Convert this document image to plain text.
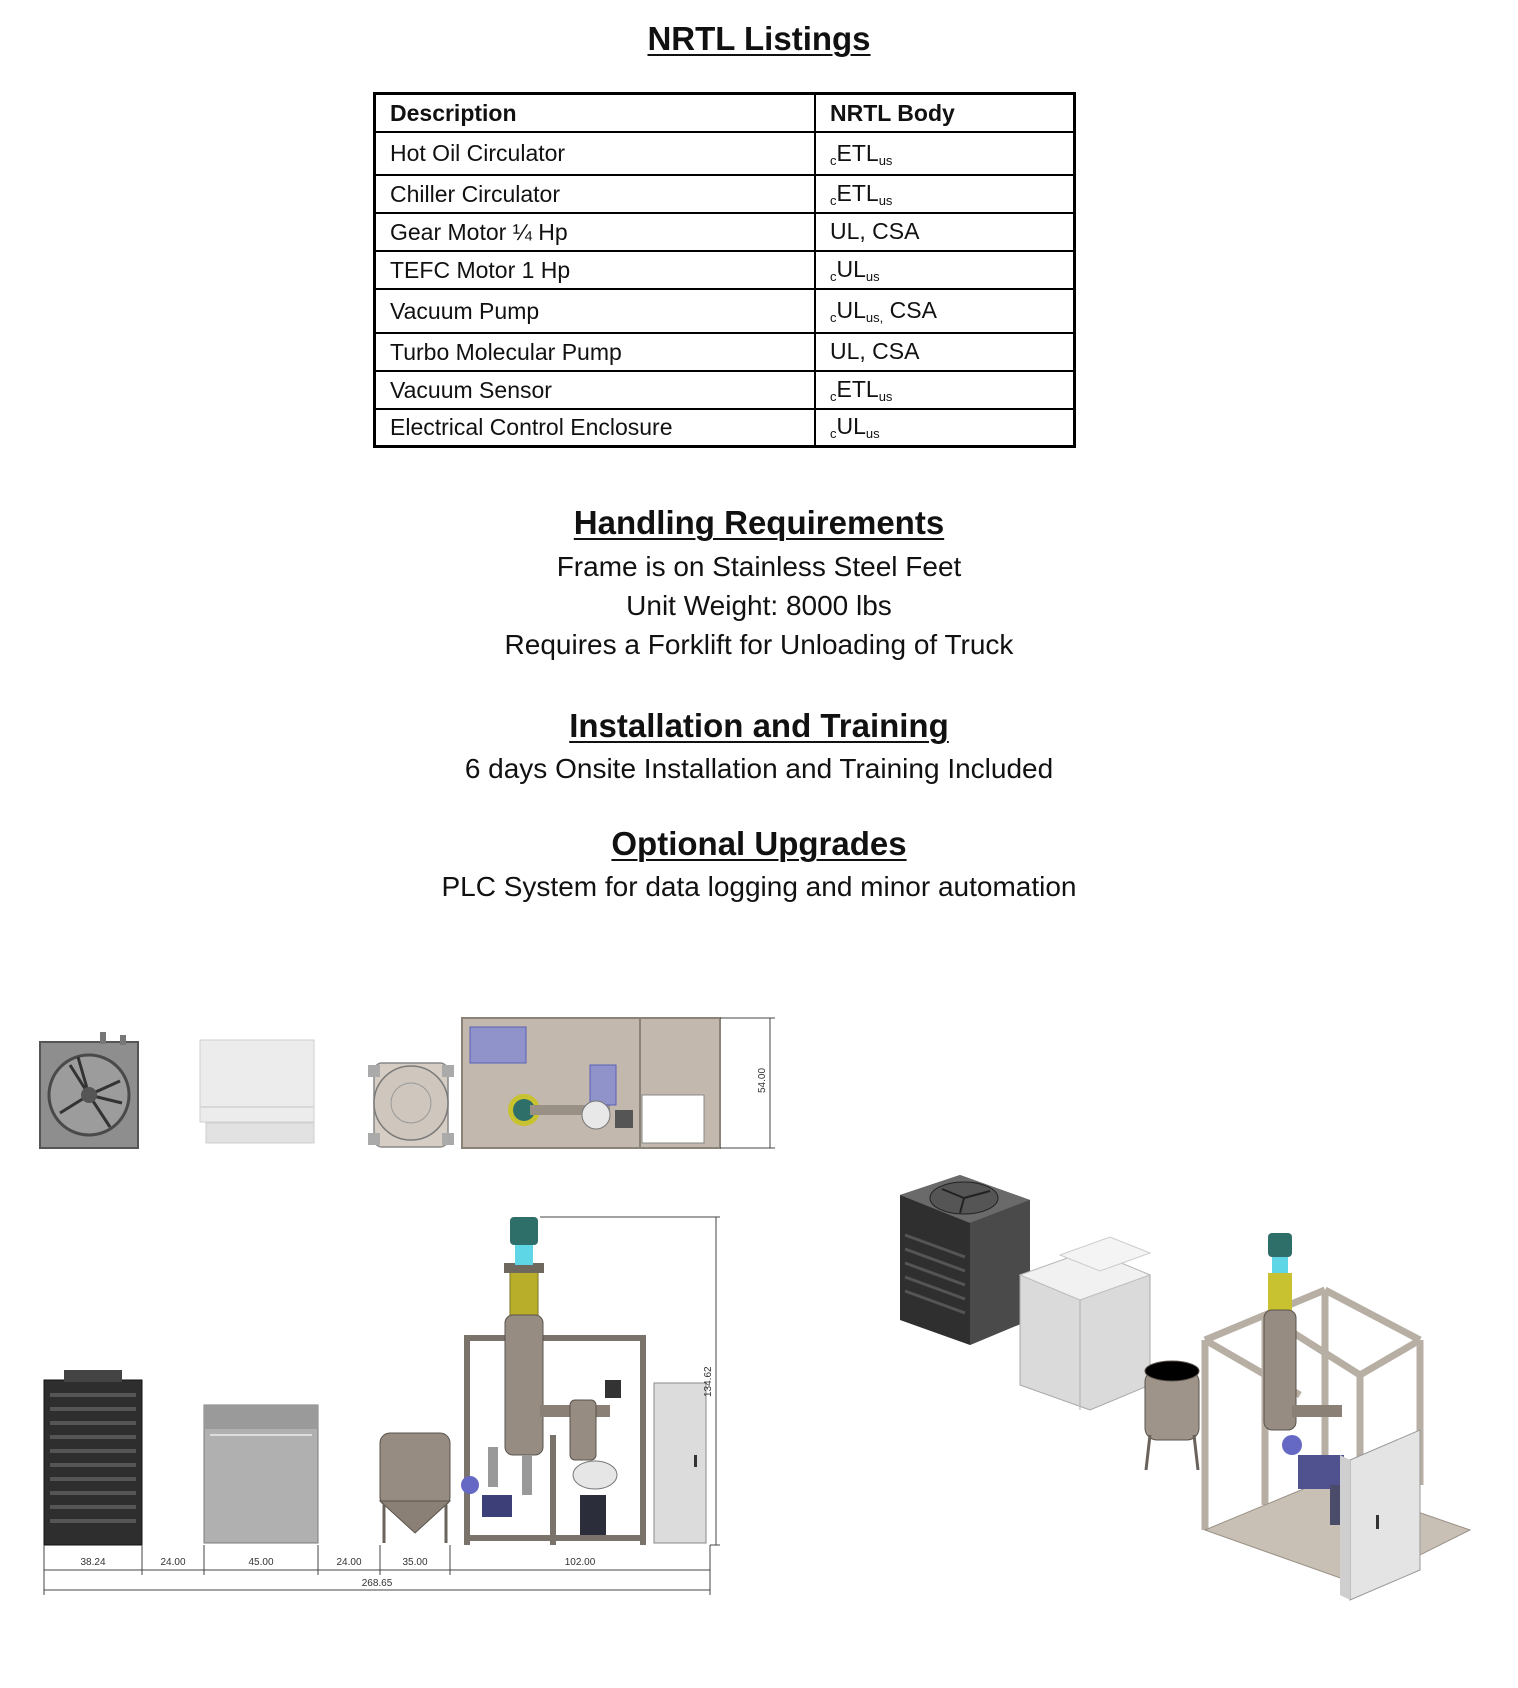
NRTL Listings
Description	NRTL Body
Hot Oil Circulator	$_cETL_{us}$
Chiller Circulator	$_cETL_{us}$
Gear Motor ¼ Hp	UL, CSA
TEFC Motor 1 Hp	$_cUL_{us}$
Vacuum Pump	$_cUL_{us,}$ CSA
Turbo Molecular Pump	UL, CSA
Vacuum Sensor	$_cETL_{us}$
Electrical Control Enclosure	$_cUL_{us}$
Handling Requirements

Frame is on Stainless Steel Feet

Unit Weight: 8000 lbs

Requires a Forklift for Unloading of Truck

Installation and Training

6 days Onsite Installation and Training Included

Optional Upgrades

PLC System for data logging and minor automation

54.00
134.62
38.24	24.00	45.00	24.00	35.00	102.00
268.65
